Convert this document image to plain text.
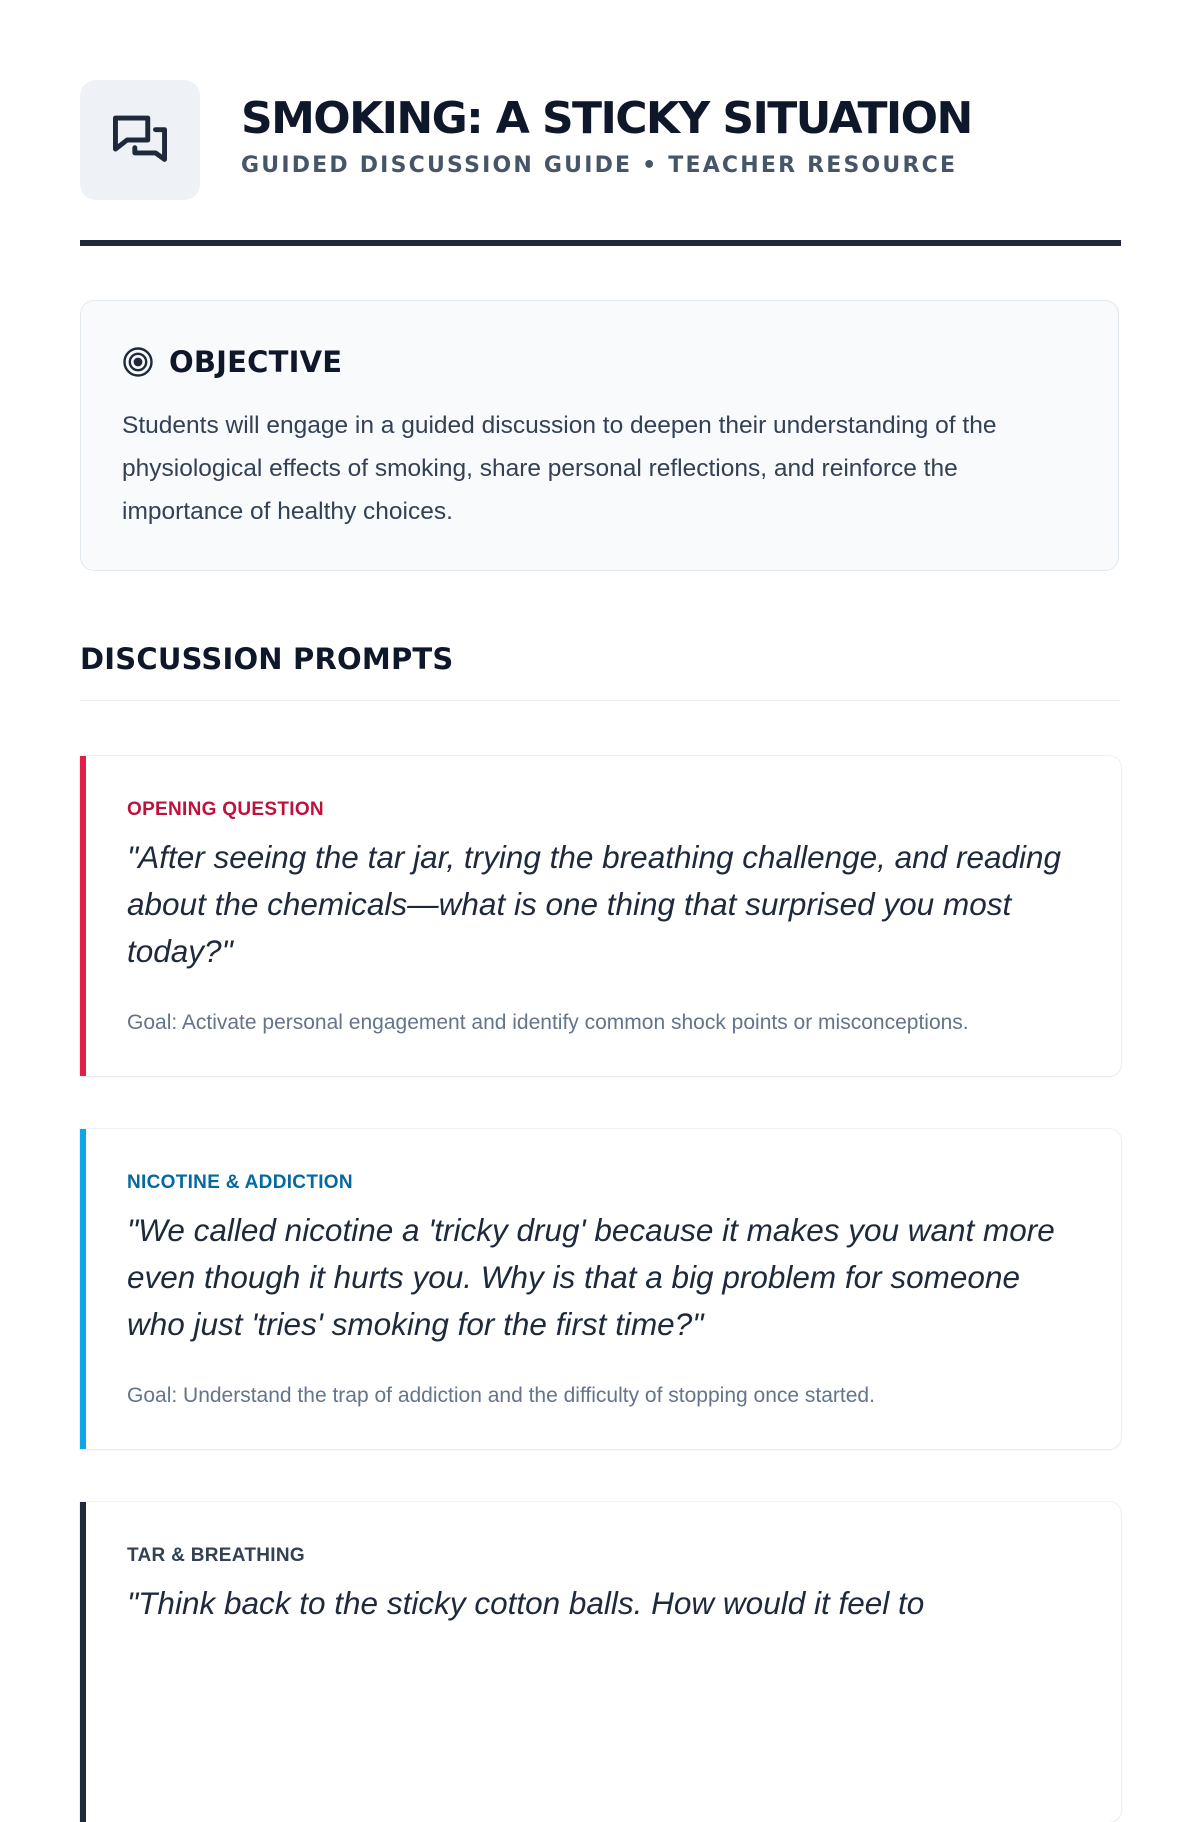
SMOKING: A STICKY SITUATION

GUIDED DISCUSSION GUIDE • TEACHER RESOURCE

OBJECTIVE

Students will engage in a guided discussion to deepen their understanding of the physiological effects of smoking, share personal reflections, and reinforce the importance of healthy choices.

DISCUSSION PROMPTS

OPENING QUESTION

"After seeing the tar jar, trying the breathing challenge, and reading about the chemicals—what is one thing that surprised you most today?"

Goal: Activate personal engagement and identify common shock points or misconceptions.

NICOTINE & ADDICTION

"We called nicotine a 'tricky drug' because it makes you want more even though it hurts you. Why is that a big problem for someone who just 'tries' smoking for the first time?"

Goal: Understand the trap of addiction and the difficulty of stopping once started.

TAR & BREATHING

"Think back to the sticky cotton balls. How would it feel to
